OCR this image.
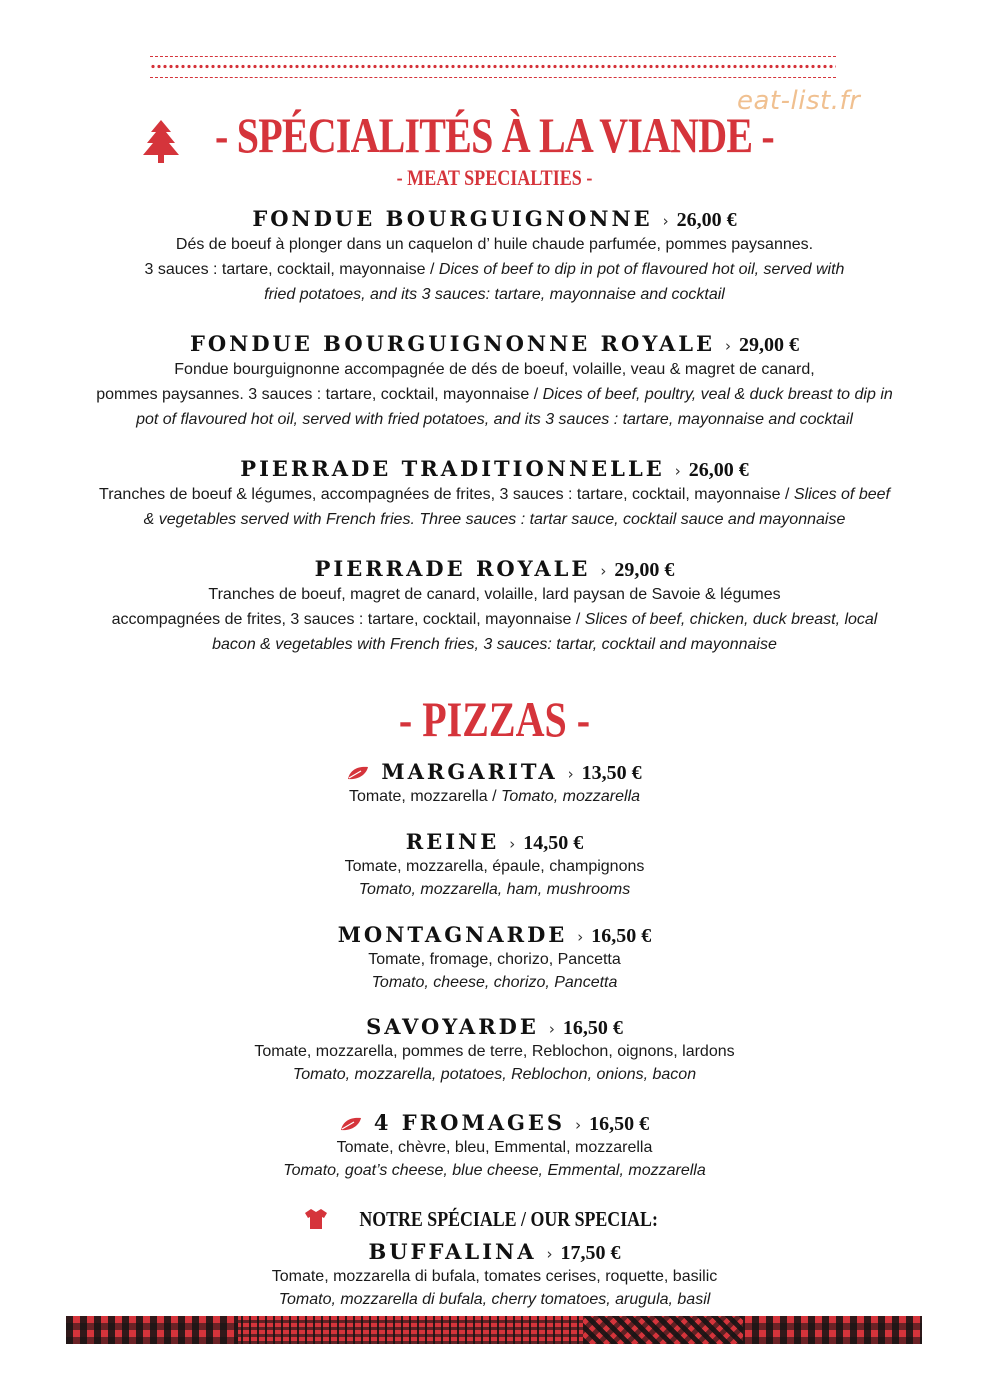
eat-list.fr
- SPÉCIALITÉS À LA VIANDE -
- MEAT SPECIALTIES -
FONDUE BOURGUIGNONNE › 26,00 €
Dés de boeuf à plonger dans un caquelon d’ huile chaude parfumée, pommes paysannes.
3 sauces : tartare, cocktail, mayonnaise / Dices of beef to dip in pot of flavoured hot oil, served with
fried potatoes, and its 3 sauces: tartare, mayonnaise and cocktail
FONDUE BOURGUIGNONNE ROYALE › 29,00 €
Fondue bourguignonne accompagnée de dés de boeuf, volaille, veau & magret de canard,
pommes paysannes. 3 sauces : tartare, cocktail, mayonnaise / Dices of beef, poultry, veal & duck breast to dip in
pot of flavoured hot oil, served with fried potatoes, and its 3 sauces : tartare, mayonnaise and cocktail
PIERRADE TRADITIONNELLE › 26,00 €
Tranches de boeuf & légumes, accompagnées de frites, 3 sauces : tartare, cocktail, mayonnaise / Slices of beef
& vegetables served with French fries. Three sauces : tartar sauce, cocktail sauce and mayonnaise
PIERRADE ROYALE › 29,00 €
Tranches de boeuf, magret de canard, volaille, lard paysan de Savoie & légumes
accompagnées de frites, 3 sauces : tartare, cocktail, mayonnaise / Slices of beef, chicken, duck breast, local
bacon & vegetables with French fries, 3 sauces: tartar, cocktail and mayonnaise
- PIZZAS -
MARGARITA › 13,50 €
Tomate, mozzarella / Tomato, mozzarella
REINE › 14,50 €
Tomate, mozzarella, épaule, champignons
Tomato, mozzarella, ham, mushrooms
MONTAGNARDE › 16,50 €
Tomate, fromage, chorizo, Pancetta
Tomato, cheese, chorizo, Pancetta
SAVOYARDE › 16,50 €
Tomate, mozzarella, pommes de terre, Reblochon, oignons, lardons
Tomato, mozzarella, potatoes, Reblochon, onions, bacon
4 FROMAGES › 16,50 €
Tomate, chèvre, bleu, Emmental, mozzarella
Tomato, goat’s cheese, blue cheese, Emmental, mozzarella
NOTRE SPÉCIALE / OUR SPECIAL:
BUFFALINA › 17,50 €
Tomate, mozzarella di bufala, tomates cerises, roquette, basilic
Tomato, mozzarella di bufala, cherry tomatoes, arugula, basil
